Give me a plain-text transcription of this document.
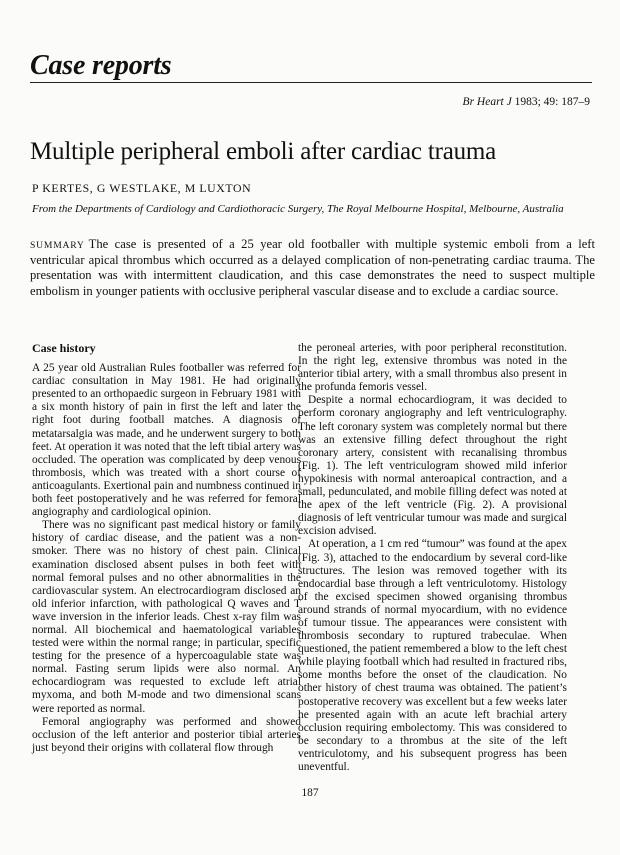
Case reports
Br Heart J 1983; 49: 187–9
Multiple peripheral emboli after cardiac trauma

P KERTES, G WESTLAKE, M LUXTON

From the Departments of Cardiology and Cardiothoracic Surgery, The Royal Melbourne Hospital, Melbourne, Australia

SUMMARY The case is presented of a 25 year old footballer with multiple systemic emboli from a left ventricular apical thrombus which occurred as a delayed complication of non-penetrating cardiac trauma. The presentation was with intermittent claudication, and this case demonstrates the need to suspect multiple embolism in younger patients with occlusive peripheral vascular disease and to exclude a cardiac source.

Case history

A 25 year old Australian Rules footballer was referred for cardiac consultation in May 1981. He had originally presented to an orthopaedic surgeon in February 1981 with a six month history of pain in first the left and later the right foot during football matches. A diagnosis of metatarsalgia was made, and he underwent surgery to both feet. At operation it was noted that the left tibial artery was occluded. The operation was complicated by deep venous thrombosis, which was treated with a short course of anticoagulants. Exertional pain and numbness continued in both feet postoperatively and he was referred for femoral angiography and cardiological opinion.

There was no significant past medical history or family history of cardiac disease, and the patient was a non-smoker. There was no history of chest pain. Clinical examination disclosed absent pulses in both feet with normal femoral pulses and no other abnormalities in the cardiovascular system. An electrocardiogram disclosed an old inferior infarction, with pathological Q waves and T wave inversion in the inferior leads. Chest x-ray film was normal. All biochemical and haematological variables tested were within the normal range; in particular, specific testing for the presence of a hypercoagulable state was normal. Fasting serum lipids were also normal. An echocardiogram was requested to exclude left atrial myxoma, and both M-mode and two dimensional scans were reported as normal.

Femoral angiography was performed and showed occlusion of the left anterior and posterior tibial arteries just beyond their origins with collateral flow through

the peroneal arteries, with poor peripheral reconstitution. In the right leg, extensive thrombus was noted in the anterior tibial artery, with a small thrombus also present in the profunda femoris vessel.

Despite a normal echocardiogram, it was decided to perform coronary angiography and left ventriculography. The left coronary system was completely normal but there was an extensive filling defect throughout the right coronary artery, consistent with recanalising thrombus (Fig. 1). The left ventriculogram showed mild inferior hypokinesis with normal anteroapical contraction, and a small, pedunculated, and mobile filling defect was noted at the apex of the left ventricle (Fig. 2). A provisional diagnosis of left ventricular tumour was made and surgical excision advised.

At operation, a 1 cm red “tumour” was found at the apex (Fig. 3), attached to the endocardium by several cord-like structures. The lesion was removed together with its endocardial base through a left ventriculotomy. Histology of the excised specimen showed organising thrombus around strands of normal myocardium, with no evidence of tumour tissue. The appearances were consistent with thrombosis secondary to ruptured trabeculae. When questioned, the patient remembered a blow to the left chest while playing football which had resulted in fractured ribs, some months before the onset of the claudication. No other history of chest trauma was obtained. The patient’s postoperative recovery was excellent but a few weeks later he presented again with an acute left brachial artery occlusion requiring embolectomy. This was considered to be secondary to a thrombus at the site of the left ventriculotomy, and his subsequent progress has been uneventful.

187
